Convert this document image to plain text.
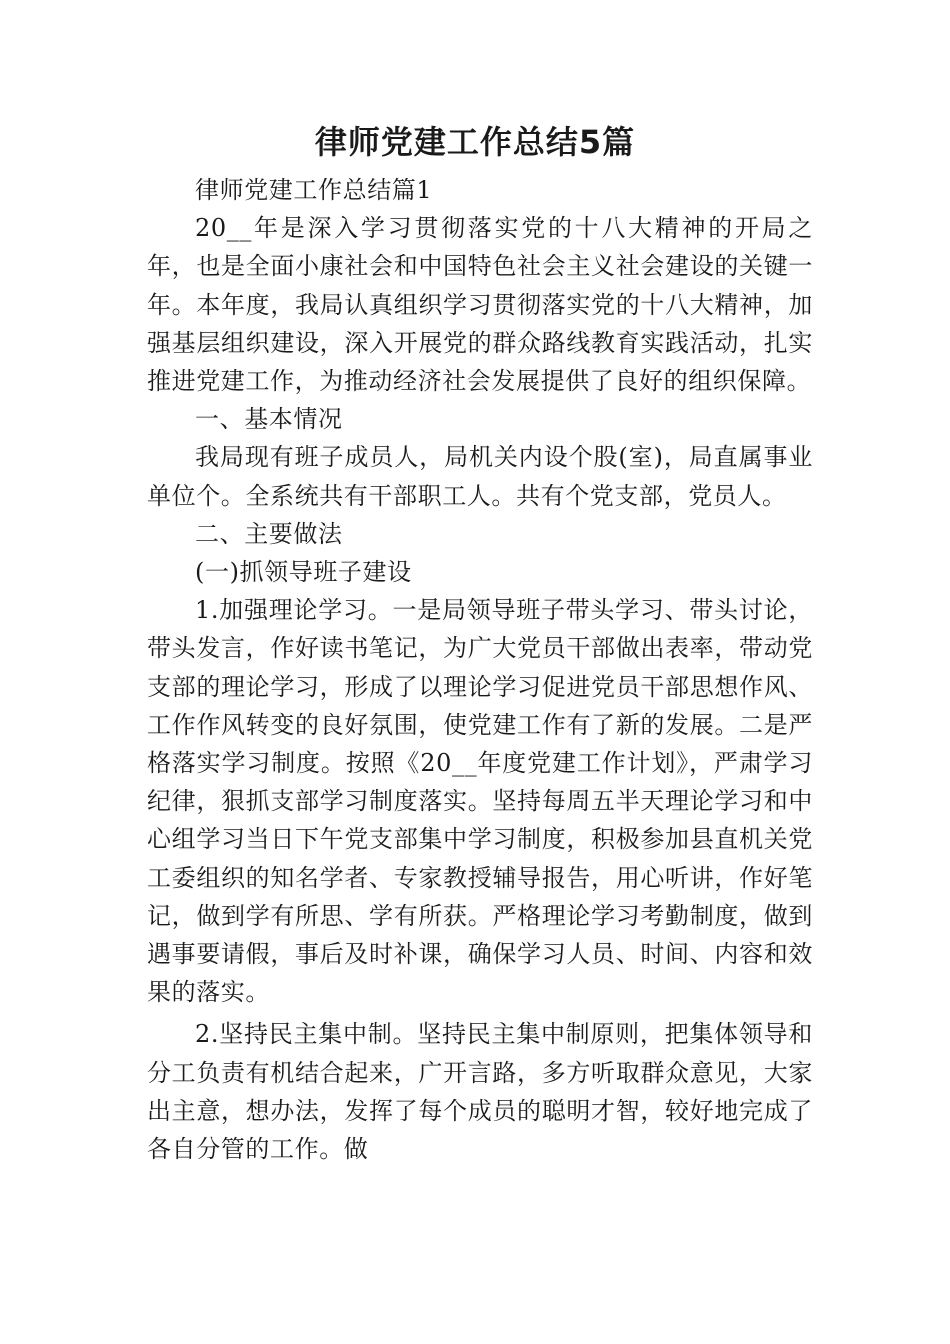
律师党建工作总结5篇

律师党建工作总结篇1

20__年是深入学习贯彻落实党的十八大精神的开局之年，也是全面小康社会和中国特色社会主义社会建设的关键一年。本年度，我局认真组织学习贯彻落实党的十八大精神，加强基层组织建设，深入开展党的群众路线教育实践活动，扎实推进党建工作，为推动经济社会发展提供了良好的组织保障。

一、基本情况

我局现有班子成员人，局机关内设个股(室)，局直属事业单位个。全系统共有干部职工人。共有个党支部，党员人。

二、主要做法

(一)抓领导班子建设

1.加强理论学习。一是局领导班子带头学习、带头讨论，带头发言，作好读书笔记，为广大党员干部做出表率，带动党支部的理论学习，形成了以理论学习促进党员干部思想作风、工作作风转变的良好氛围，使党建工作有了新的发展。二是严格落实学习制度。按照《20__年度党建工作计划》，严肃学习纪律，狠抓支部学习制度落实。坚持每周五半天理论学习和中心组学习当日下午党支部集中学习制度，积极参加县直机关党工委组织的知名学者、专家教授辅导报告，用心听讲，作好笔记，做到学有所思、学有所获。严格理论学习考勤制度，做到遇事要请假，事后及时补课，确保学习人员、时间、内容和效果的落实。

2.坚持民主集中制。坚持民主集中制原则，把集体领导和分工负责有机结合起来，广开言路，多方听取群众意见，大家出主意，想办法，发挥了每个成员的聪明才智，较好地完成了各自分管的工作。做
